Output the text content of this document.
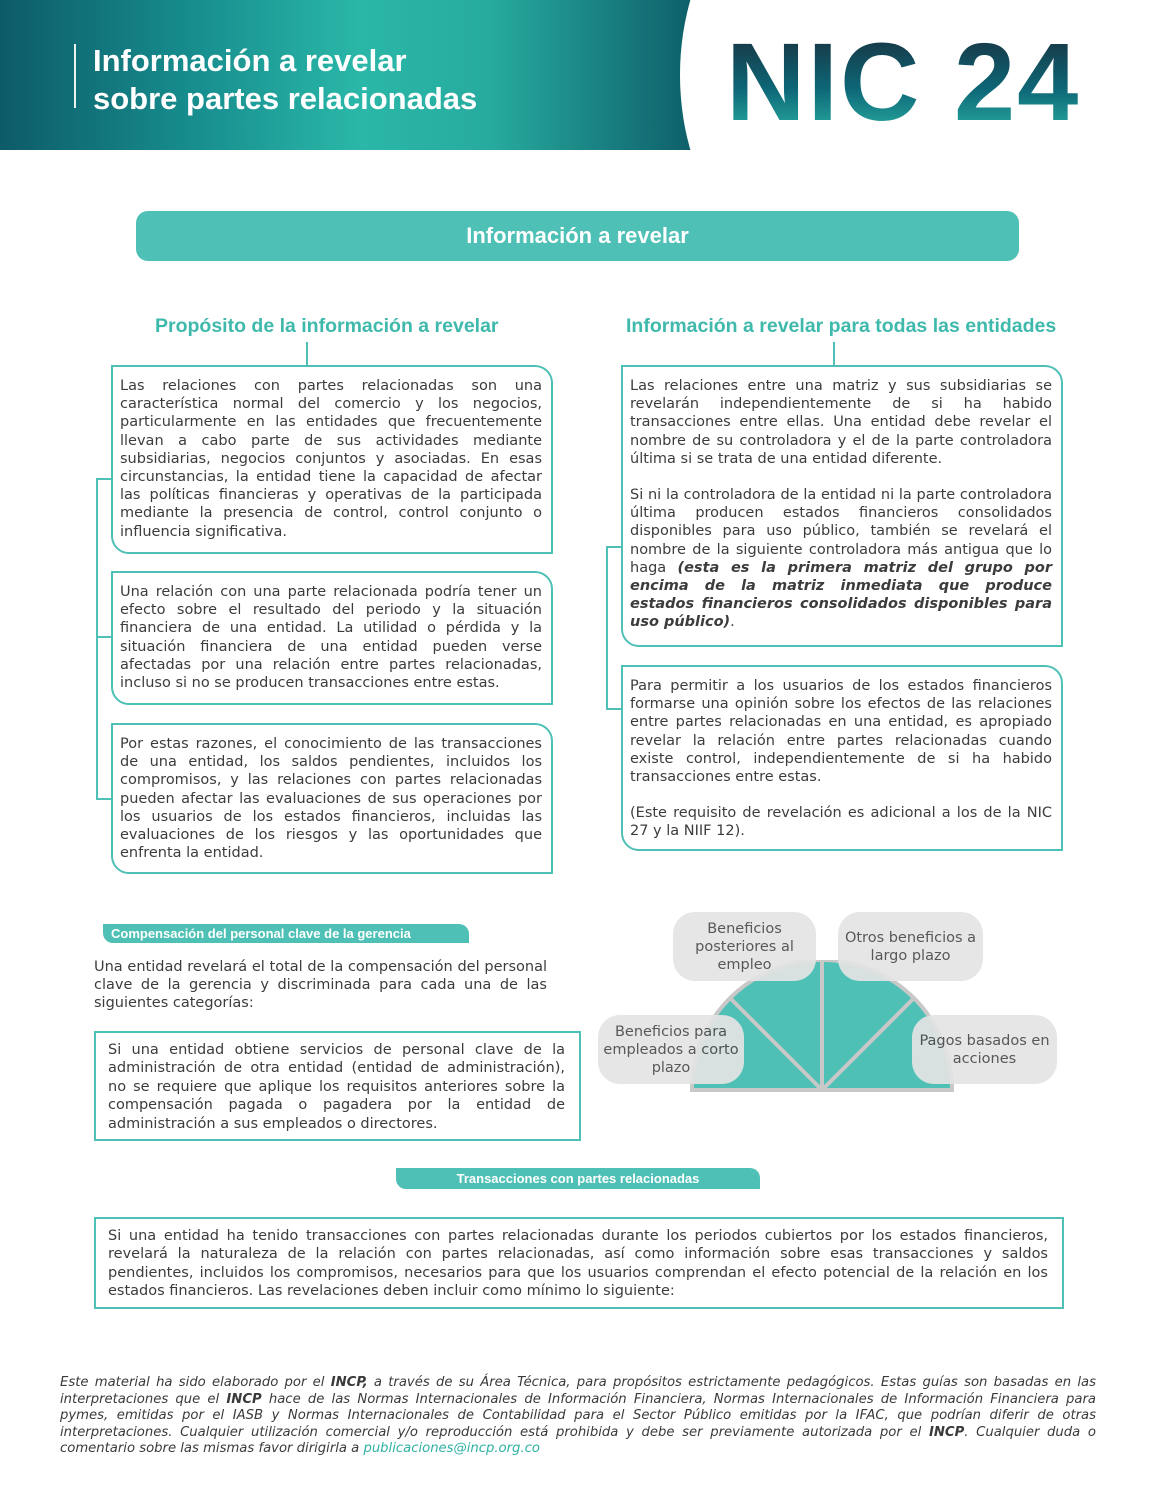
Información a revelar
sobre partes relacionadas	NIC 24
Información a revelar
Propósito de la información a revelar

Las relaciones con partes relacionadas son una característica normal del comercio y los negocios, particularmente en las entidades que frecuentemente llevan a cabo parte de sus actividades mediante subsidiarias, negocios conjuntos y asociadas. En esas circunstancias, la entidad tiene la capacidad de afectar las políticas financieras y operativas de la participada mediante la presencia de control, control conjunto o influencia significativa.

Una relación con una parte relacionada podría tener un efecto sobre el resultado del periodo y la situación financiera de una entidad. La utilidad o pérdida y la situación financiera de una entidad pueden verse afectadas por una relación entre partes relacionadas, incluso si no se producen transacciones entre estas.

Por estas razones, el conocimiento de las transacciones de una entidad, los saldos pendientes, incluidos los compromisos, y las relaciones con partes relacionadas pueden afectar las evaluaciones de sus operaciones por los usuarios de los estados financieros, incluidas las evaluaciones de los riesgos y las oportunidades que enfrenta la entidad.

Información a revelar para todas las entidades

Las relaciones entre una matriz y sus subsidiarias se revelarán independientemente de si ha habido transacciones entre ellas. Una entidad debe revelar el nombre de su controladora y el de la parte controladora última si se trata de una entidad diferente.

Si ni la controladora de la entidad ni la parte controladora última producen estados financieros consolidados disponibles para uso público, también se revelará el nombre de la siguiente controladora más antigua que lo haga (esta es la primera matriz del grupo por encima de la matriz inmediata que produce estados financieros consolidados disponibles para uso público).

Para permitir a los usuarios de los estados financieros formarse una opinión sobre los efectos de las relaciones entre partes relacionadas en una entidad, es apropiado revelar la relación entre partes relacionadas cuando existe control, independientemente de si ha habido transacciones entre estas.

(Este requisito de revelación es adicional a los de la NIC 27 y la NIIF 12).

Compensación del personal clave de la gerencia
Una entidad revelará el total de la compensación del personal clave de la gerencia y discriminada para cada una de las siguientes categorías:

Si una entidad obtiene servicios de personal clave de la administración de otra entidad (entidad de administración), no se requiere que aplique los requisitos anteriores sobre la compensación pagada o pagadera por la entidad de administración a sus empleados o directores.

Beneficios para empleados a corto plazo
Beneficios posteriores al empleo
Otros beneficios a largo plazo
Pagos basados en acciones
Transacciones con partes relacionadas

Si una entidad ha tenido transacciones con partes relacionadas durante los periodos cubiertos por los estados financieros, revelará la naturaleza de la relación con partes relacionadas, así como información sobre esas transacciones y saldos pendientes, incluidos los compromisos, necesarios para que los usuarios comprendan el efecto potencial de la relación en los estados financieros. Las revelaciones deben incluir como mínimo lo siguiente:

Este material ha sido elaborado por el INCP, a través de su Área Técnica, para propósitos estrictamente pedagógicos. Estas guías son basadas en las interpretaciones que el INCP hace de las Normas Internacionales de Información Financiera, Normas Internacionales de Información Financiera para pymes, emitidas por el IASB y Normas Internacionales de Contabilidad para el Sector Público emitidas por la IFAC, que podrían diferir de otras interpretaciones. Cualquier utilización comercial y/o reproducción está prohibida y debe ser previamente autorizada por el INCP. Cualquier duda o comentario sobre las mismas favor dirigirla a publicaciones@incp.org.co
